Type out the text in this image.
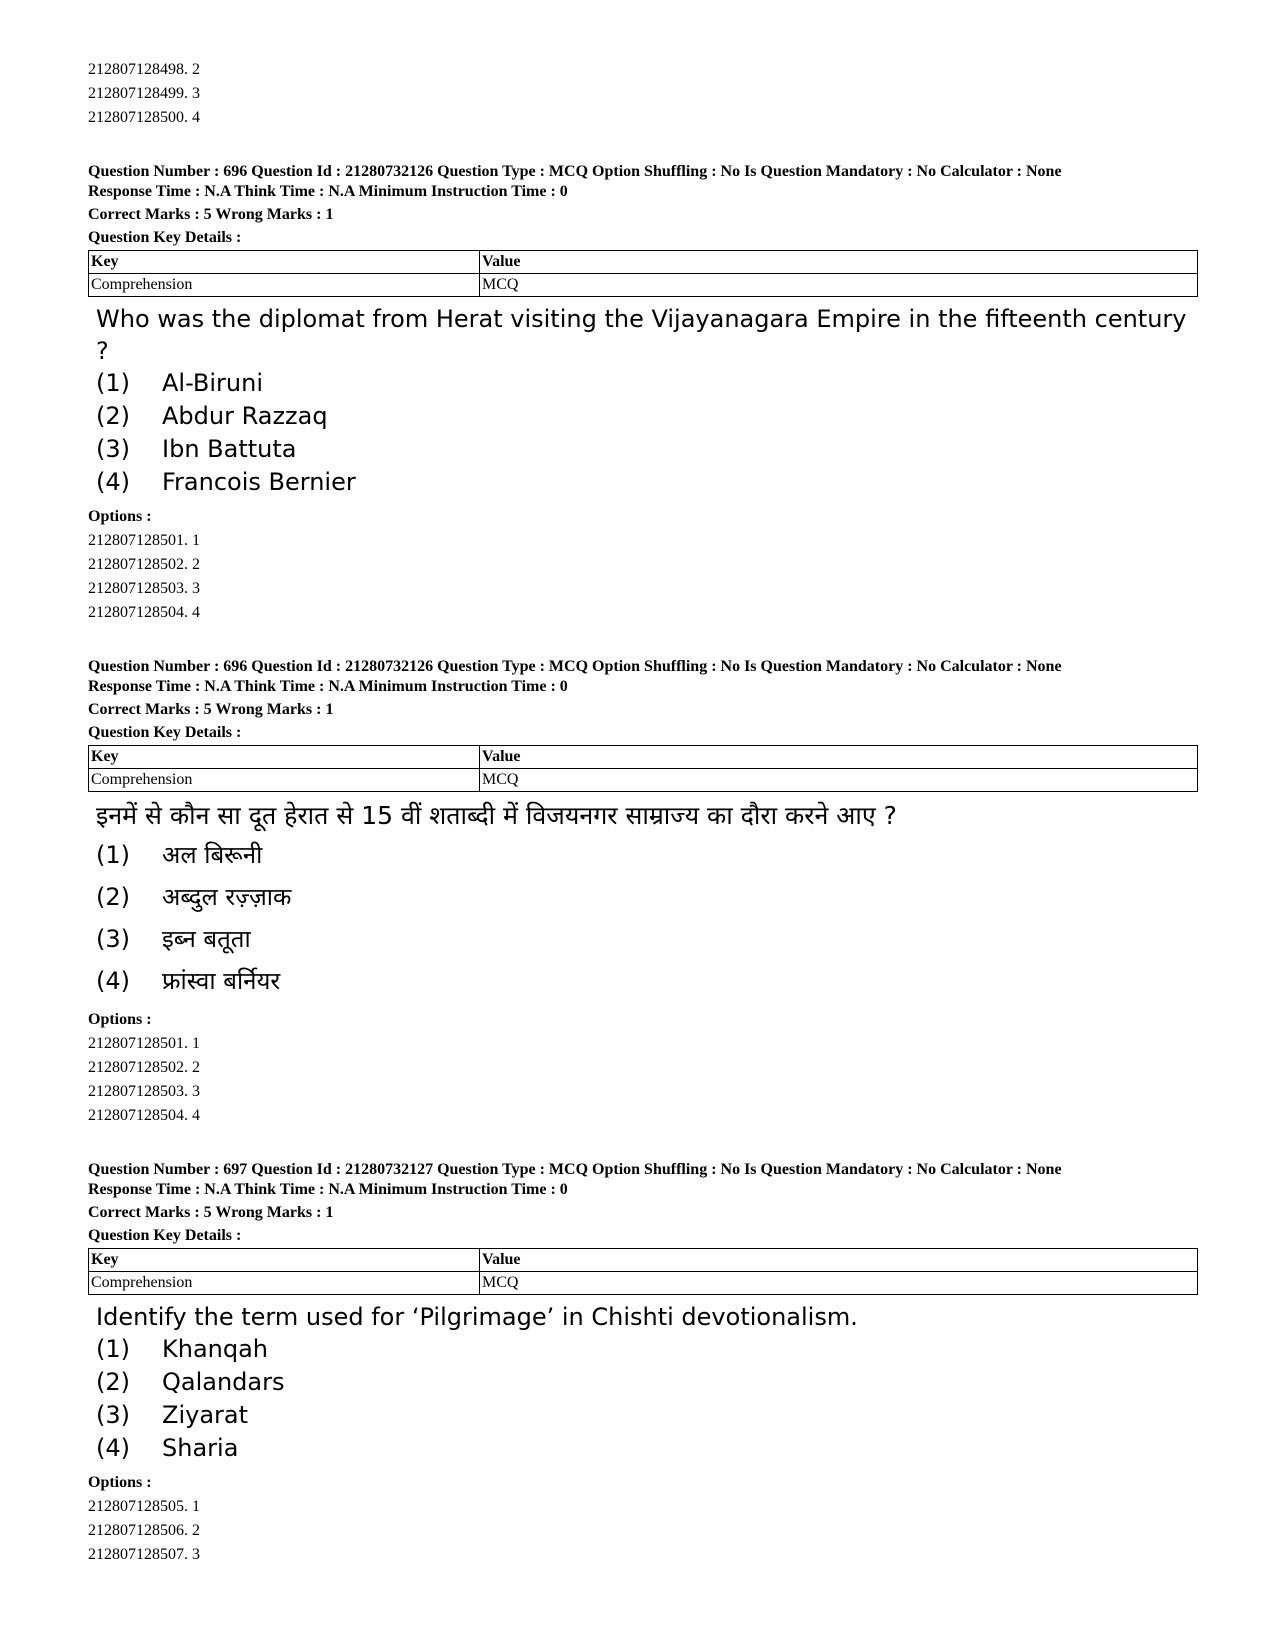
212807128498. 2
212807128499. 3
212807128500. 4
Question Number : 696 Question Id : 21280732126 Question Type : MCQ Option Shuffling : No Is Question Mandatory : No Calculator : None
Response Time : N.A Think Time : N.A Minimum Instruction Time : 0
Correct Marks : 5 Wrong Marks : 1
Question Key Details :
Key	Value
Comprehension	MCQ
Who was the diplomat from Herat visiting the Vijayanagara Empire in the fifteenth century ?
(1)	Al-Biruni
(2)	Abdur Razzaq
(3)	Ibn Battuta
(4)	Francois Bernier
Options :
212807128501. 1
212807128502. 2
212807128503. 3
212807128504. 4
Question Number : 696 Question Id : 21280732126 Question Type : MCQ Option Shuffling : No Is Question Mandatory : No Calculator : None
Response Time : N.A Think Time : N.A Minimum Instruction Time : 0
Correct Marks : 5 Wrong Marks : 1
Question Key Details :
Key	Value
Comprehension	MCQ
इनमें से कौन सा दूत हेरात से 15 वीं शताब्दी में विजयनगर साम्राज्य का दौरा करने आए ?
(1)	अल बिरूनी
(2)	अब्दुल रज़्ज़ाक
(3)	इब्न बतूता
(4)	फ्रांस्वा बर्नियर
Options :
212807128501. 1
212807128502. 2
212807128503. 3
212807128504. 4
Question Number : 697 Question Id : 21280732127 Question Type : MCQ Option Shuffling : No Is Question Mandatory : No Calculator : None
Response Time : N.A Think Time : N.A Minimum Instruction Time : 0
Correct Marks : 5 Wrong Marks : 1
Question Key Details :
Key	Value
Comprehension	MCQ
Identify the term used for ‘Pilgrimage’ in Chishti devotionalism.
(1)	Khanqah
(2)	Qalandars
(3)	Ziyarat
(4)	Sharia
Options :
212807128505. 1
212807128506. 2
212807128507. 3
